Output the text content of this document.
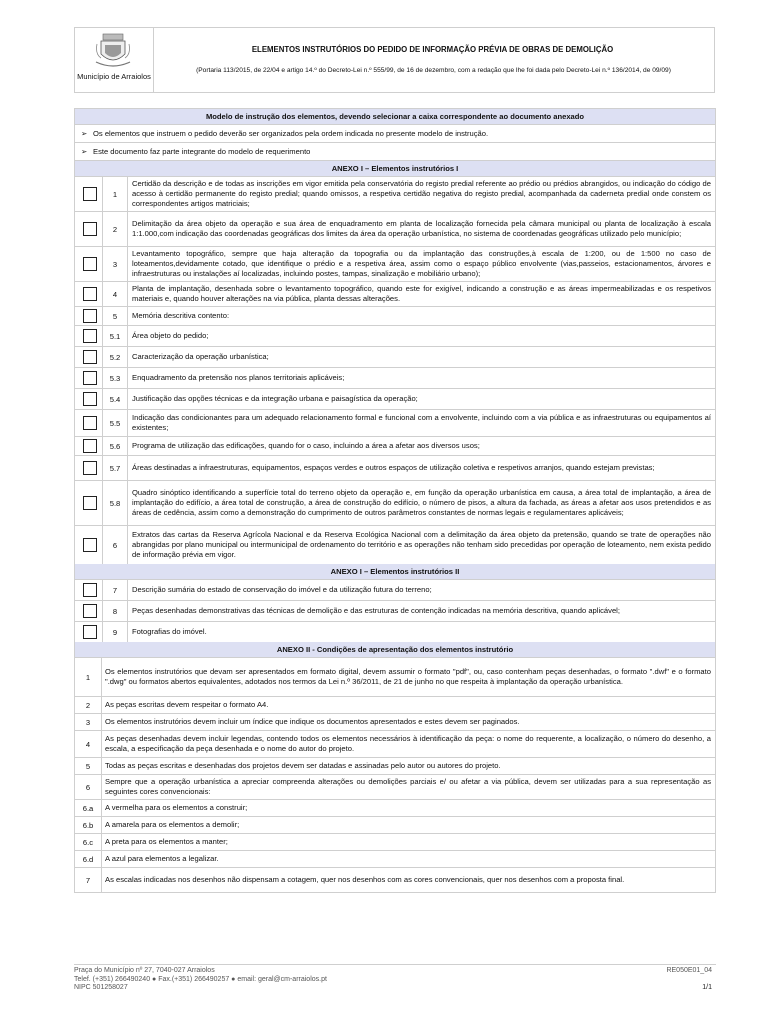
Município de Arraiolos
ELEMENTOS INSTRUTÓRIOS DO PEDIDO DE INFORMAÇÃO PRÉVIA DE OBRAS DE DEMOLIÇÃO
(Portaria 113/2015, de 22/04 e artigo 14.º do Decreto-Lei n.º 555/99, de 16 de dezembro, com a redação que lhe foi dada pelo Decreto-Lei n.º 136/2014, de 09/09)
Modelo de instrução dos elementos, devendo selecionar a caixa correspondente ao documento anexado
➢ Os elementos que instruem o pedido deverão ser organizados pela ordem indicada no presente modelo de instrução.
➢ Este documento faz parte integrante do modelo de requerimento
ANEXO I – Elementos instrutórios I
1
Certidão da descrição e de todas as inscrições em vigor emitida pela conservatória do registo predial referente ao prédio ou prédios abrangidos, ou indicação do código de acesso à certidão permanente do registo predial; quando omissos, a respetiva certidão negativa do registo predial, acompanhada da caderneta predial onde constem os correspondentes artigos matriciais;
2
Delimitação da área objeto da operação e sua área de enquadramento em planta de localização fornecida pela câmara municipal ou planta de localização à escala 1:1.000,com indicação das coordenadas geográficas dos limites da área da operação urbanística, no sistema de coordenadas geográficas utilizado pelo município;
3
Levantamento topográfico, sempre que haja alteração da topografia ou da implantação das construções,à escala de 1:200, ou de 1:500 no caso de loteamentos,devidamente cotado, que identifique o prédio e a respetiva área, assim como o espaço público envolvente (vias,passeios, estacionamentos, árvores e infraestruturas ou instalações aí localizadas, incluindo postes, tampas, sinalização e mobiliário urbano);
4
Planta de implantação, desenhada sobre o levantamento topográfico, quando este for exigível, indicando a construção e as áreas impermeabilizadas e os respetivos materiais e, quando houver alterações na via pública, planta dessas alterações.
5	Memória descritiva contento:
5.1	Área objeto do pedido;
5.2	Caracterização da operação urbanística;
5.3	Enquadramento da pretensão nos planos territoriais aplicáveis;
5.4	Justificação das opções técnicas e da integração urbana e paisagística da operação;
5.5
Indicação das condicionantes para um adequado relacionamento formal e funcional com a envolvente, incluindo com a via pública e as infraestruturas ou equipamentos aí existentes;
5.6	Programa de utilização das edificações, quando for o caso, incluindo a área a afetar aos diversos usos;
5.7	Áreas destinadas a infraestruturas, equipamentos, espaços verdes e outros espaços de utilização coletiva e respetivos arranjos, quando estejam previstas;
5.8
Quadro sinóptico identificando a superfície total do terreno objeto da operação e, em função da operação urbanística em causa, a área total de implantação, a área de implantação do edifício, a área total de construção, a área de construção do edifício, o número de pisos, a altura da fachada, as áreas a afetar aos usos pretendidos e as áreas de cedência, assim como a demonstração do cumprimento de outros parâmetros constantes de normas legais e regulamentares aplicáveis;
6
Extratos das cartas da Reserva Agrícola Nacional e da Reserva Ecológica Nacional com a delimitação da área objeto da pretensão, quando se trate de operações não abrangidas por plano municipal ou intermunicipal de ordenamento do território e as operações não tenham sido precedidas por operação de loteamento, nem exista pedido de informação prévia em vigor.
ANEXO I – Elementos instrutórios II
7	Descrição sumária do estado de conservação do imóvel e da utilização futura do terreno;
8	Peças desenhadas demonstrativas das técnicas de demolição e das estruturas de contenção indicadas na memória descritiva, quando aplicável;
9	Fotografias do imóvel.
ANEXO II - Condições de apresentação dos elementos instrutório
1
Os elementos instrutórios que devam ser apresentados em formato digital, devem assumir o formato "pdf", ou, caso contenham peças desenhadas, o formato ".dwf" e o formato ".dwg" ou formatos abertos equivalentes, adotados nos termos da Lei n.º 36/2011, de 21 de junho no que respeita à implantação da operação urbanística.
2	As peças escritas devem respeitar o formato A4.
3	Os elementos instrutórios devem incluir um índice que indique os documentos apresentados e estes devem ser paginados.
4
As peças desenhadas devem incluir legendas, contendo todos os elementos necessários à identificação da peça: o nome do requerente, a localização, o número do desenho, a escala, a especificação da peça desenhada e o nome do autor do projeto.
5	Todas as peças escritas e desenhadas dos projetos devem ser datadas e assinadas pelo autor ou autores do projeto.
6
Sempre que a operação urbanística a apreciar compreenda alterações ou demolições parciais e/ ou afetar a via pública, devem ser utilizadas para a sua representação as seguintes cores convencionais:
6.a	A vermelha para os elementos a construir;
6.b	A amarela para os elementos a demolir;
6.c	A preta para os elementos a manter;
6.d	A azul para elementos a legalizar.
7	As escalas indicadas nos desenhos não dispensam a cotagem, quer nos desenhos com as cores convencionais, quer nos desenhos com a proposta final.
Praça do Município nº 27, 7040-027 Arraiolos
Telef. (+351) 266490240 ● Fax.(+351) 266490257 ● email: geral@cm-arraiolos.pt
NIPC 501258027
RE050E01_04
1/1
